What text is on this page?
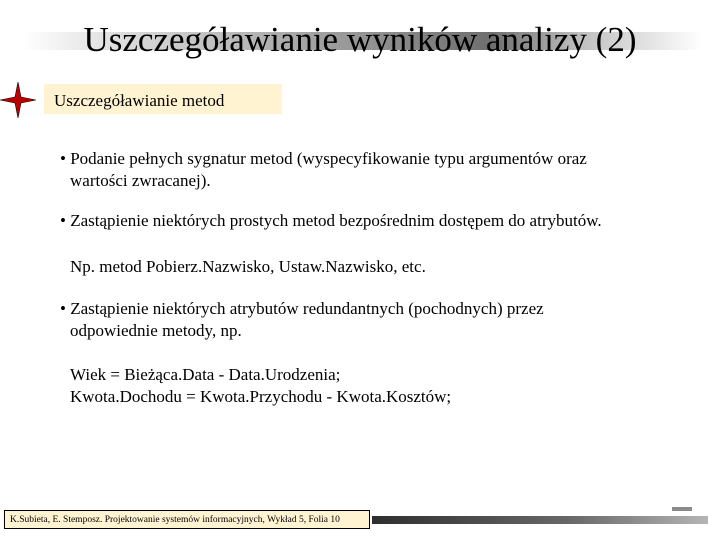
Uszczegóławianie wyników analizy (2)
Uszczegóławianie metod
• Podanie pełnych sygnatur metod (wyspecyfikowanie typu argumentów oraz
wartości zwracanej).
• Zastąpienie niektórych prostych metod bezpośrednim dostępem do atrybutów.
Np. metod Pobierz.Nazwisko, Ustaw.Nazwisko, etc.
• Zastąpienie niektórych atrybutów redundantnych (pochodnych) przez
odpowiednie metody, np.
Wiek = Bieżąca.Data - Data.Urodzenia;
Kwota.Dochodu = Kwota.Przychodu - Kwota.Kosztów;
K.Subieta, E. Stemposz. Projektowanie systemów informacyjnych, Wykład 5, Folia 10
